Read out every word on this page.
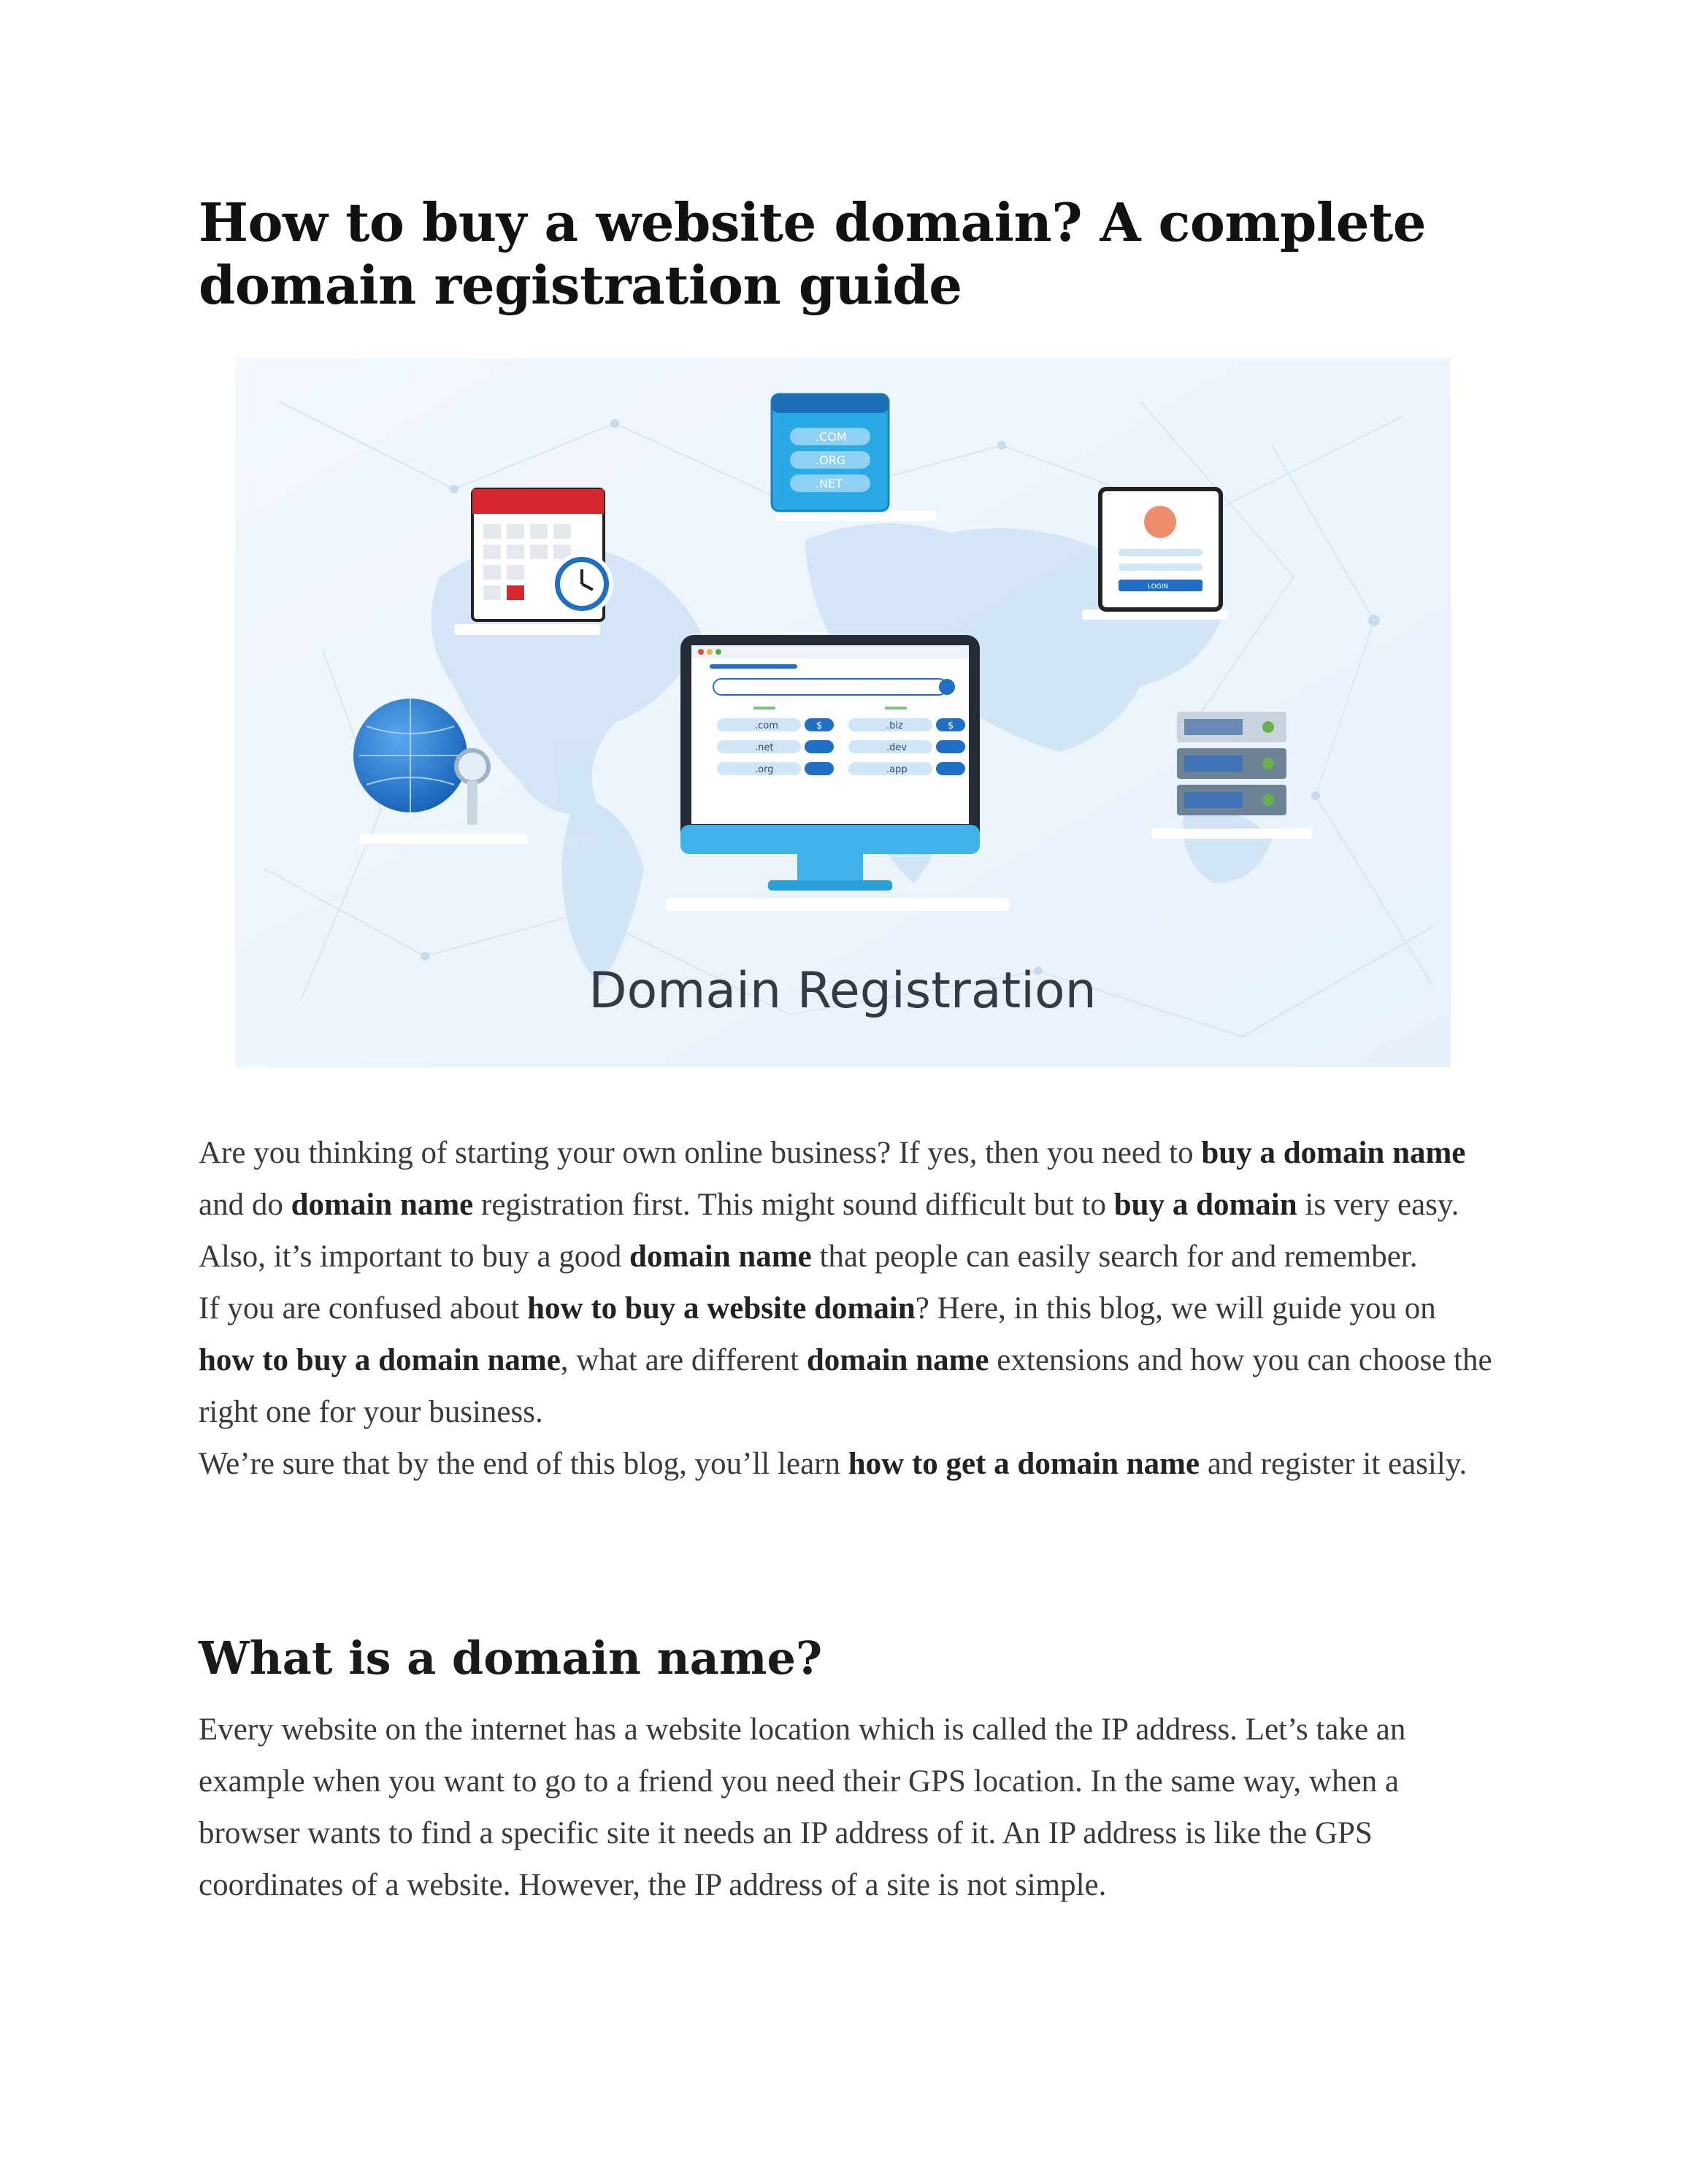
How to buy a website domain? A complete domain registration guide
.COM
.ORG
.NET
LOGIN
.com
.net
.org
.biz
.dev
.app
$	$
Domain Registration

Are you thinking of starting your own online business? If yes, then you need to buy a domain name and do domain name registration first. This might sound difficult but to buy a domain is very easy. Also, it’s important to buy a good domain name that people can easily search for and remember.

If you are confused about how to buy a website domain? Here, in this blog, we will guide you on how to buy a domain name, what are different domain name extensions and how you can choose the right one for your business.

We’re sure that by the end of this blog, you’ll learn how to get a domain name and register it easily.

What is a domain name?

Every website on the internet has a website location which is called the IP address. Let’s take an example when you want to go to a friend you need their GPS location. In the same way, when a browser wants to find a specific site it needs an IP address of it. An IP address is like the GPS coordinates of a website. However, the IP address of a site is not simple.
